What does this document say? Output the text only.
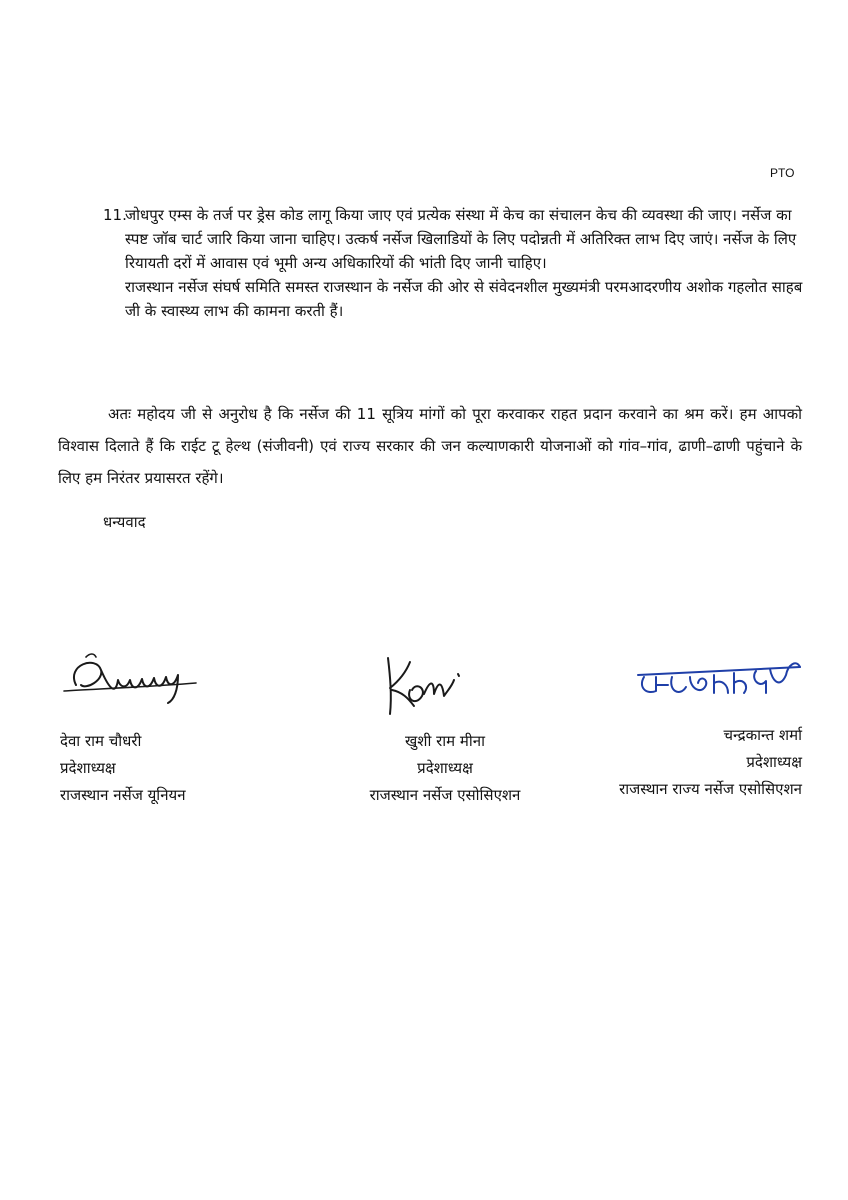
PTO
11.

जोधपुर एम्स के तर्ज पर ड्रेस कोड लागू किया जाए एवं प्रत्येक संस्था में केच का संचालन केच की व्यवस्था की जाए। नर्सेज का स्पष्ट जॉब चार्ट जारि किया जाना चाहिए। उत्कर्ष नर्सेज खिलाडियों के लिए पदोन्नती में अतिरिक्त लाभ दिए जाएं। नर्सेज के लिए रियायती दरों में आवास एवं भूमी अन्य अधिकारियों की भांती दिए जानी चाहिए।

राजस्थान नर्सेज संघर्ष समिति समस्त राजस्थान के नर्सेज की ओर से संवेदनशील मुख्यमंत्री परमआदरणीय अशोक गहलोत साहब जी के स्वास्थ्य लाभ की कामना करती हैं।

अतः महोदय जी से अनुरोध है कि नर्सेज की 11 सूत्रिय मांगों को पूरा करवाकर राहत प्रदान करवाने का श्रम करें। हम आपको विश्वास दिलाते हैं कि राईट टू हेल्थ (संजीवनी) एवं राज्य सरकार की जन कल्याणकारी योजनाओं को गांव–गांव, ढाणी–ढाणी पहुंचाने के लिए हम निरंतर प्रयासरत रहेंगे।

धन्यवाद

देवा राम चौधरी
प्रदेशाध्यक्ष
राजस्थान नर्सेज यूनियन
खुशी राम मीना
प्रदेशाध्यक्ष
राजस्थान नर्सेज एसोसिएशन
चन्द्रकान्त शर्मा
प्रदेशाध्यक्ष
राजस्थान राज्य नर्सेज एसोसिएशन
